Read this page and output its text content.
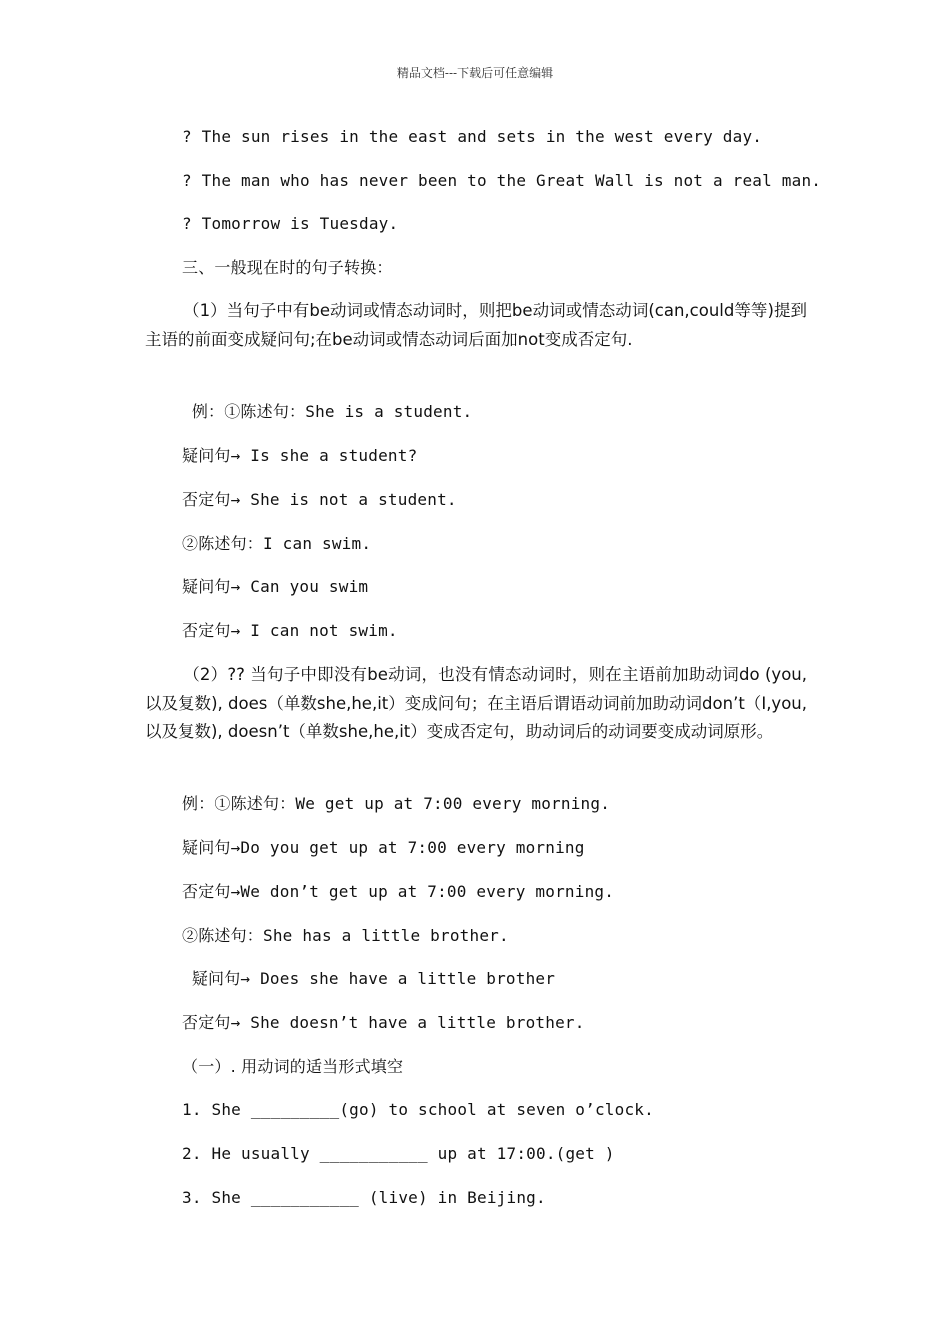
精品文档---下载后可任意编辑
? The sun rises in the east and sets in the west every day.
? The man who has never been to the Great Wall is not a real man.
? Tomorrow is Tuesday.
三、一般现在时的句子转换：
（1）当句子中有be动词或情态动词时，则把be动词或情态动词(can,could等等)提到主语的前面变成疑问句;在be动词或情态动词后面加not变成否定句.
例：①陈述句：She is a student.
疑问句→ Is she a student?
否定句→ She is not a student.
②陈述句：I can swim.
疑问句→ Can you swim
否定句→ I can not swim.
（2）?? 当句子中即没有be动词，也没有情态动词时，则在主语前加助动词do (you,以及复数), does（单数she,he,it）变成问句；在主语后谓语动词前加助动词don’t（I,you,以及复数), doesn’t（单数she,he,it）变成否定句，助动词后的动词要变成动词原形。
例：①陈述句：We get up at 7:00 every morning.
疑问句→Do you get up at 7:00 every morning
否定句→We don’t get up at 7:00 every morning.
②陈述句：She has a little brother.
疑问句→ Does she have a little brother
否定句→ She doesn’t have a little brother.
（一）. 用动词的适当形式填空
1. She _________(go) to school at seven o’clock.
2. He usually ___________ up at 17:00.(get )
3. She ___________ (live) in Beijing.
